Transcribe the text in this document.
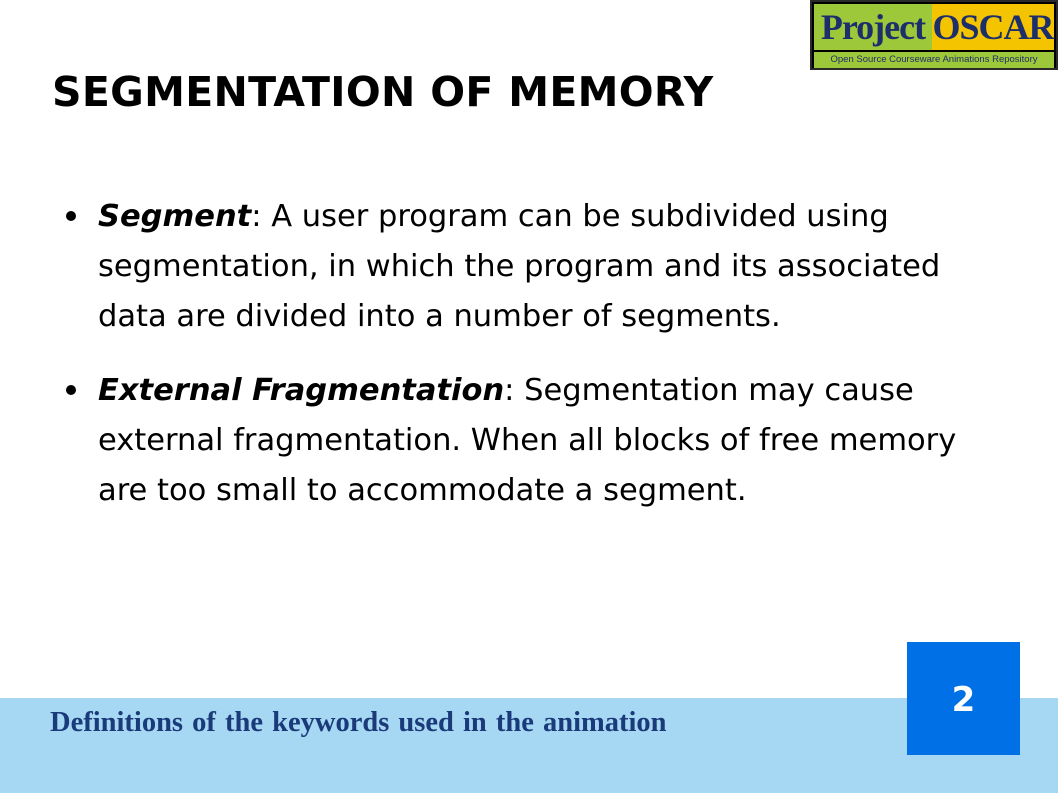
Project OSCAR
Open Source Courseware Animations Repository
SEGMENTATION OF MEMORY
Segment: A user program can be subdivided using segmentation, in which the program and its associated data are divided into a number of segments.
External Fragmentation: Segmentation may cause external fragmentation. When all blocks of free memory are too small to accommodate a segment.
Definitions of the keywords used in the animation
2
